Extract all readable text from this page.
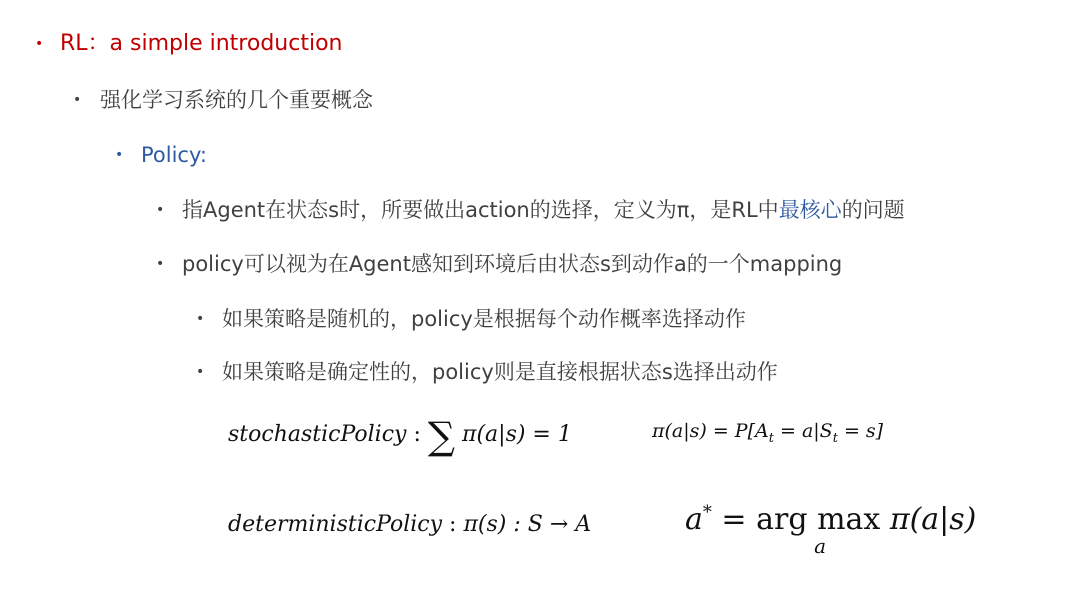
• RL：a simple introduction
• 强化学习系统的几个重要概念
• Policy:
• 指Agent在状态s时，所要做出action的选择，定义为π，是RL中最核心的问题
• policy可以视为在Agent感知到环境后由状态s到动作a的一个mapping
• 如果策略是随机的，policy是根据每个动作概率选择动作
• 如果策略是确定性的，policy则是直接根据状态s选择出动作
stochasticPolicy : ∑ π(a|s) = 1	$\pi(a|s) = P[A_t = a|S_t = s]$
deterministicPolicy : π(s) : S → A	a* = arg max
a
π(a|s)
